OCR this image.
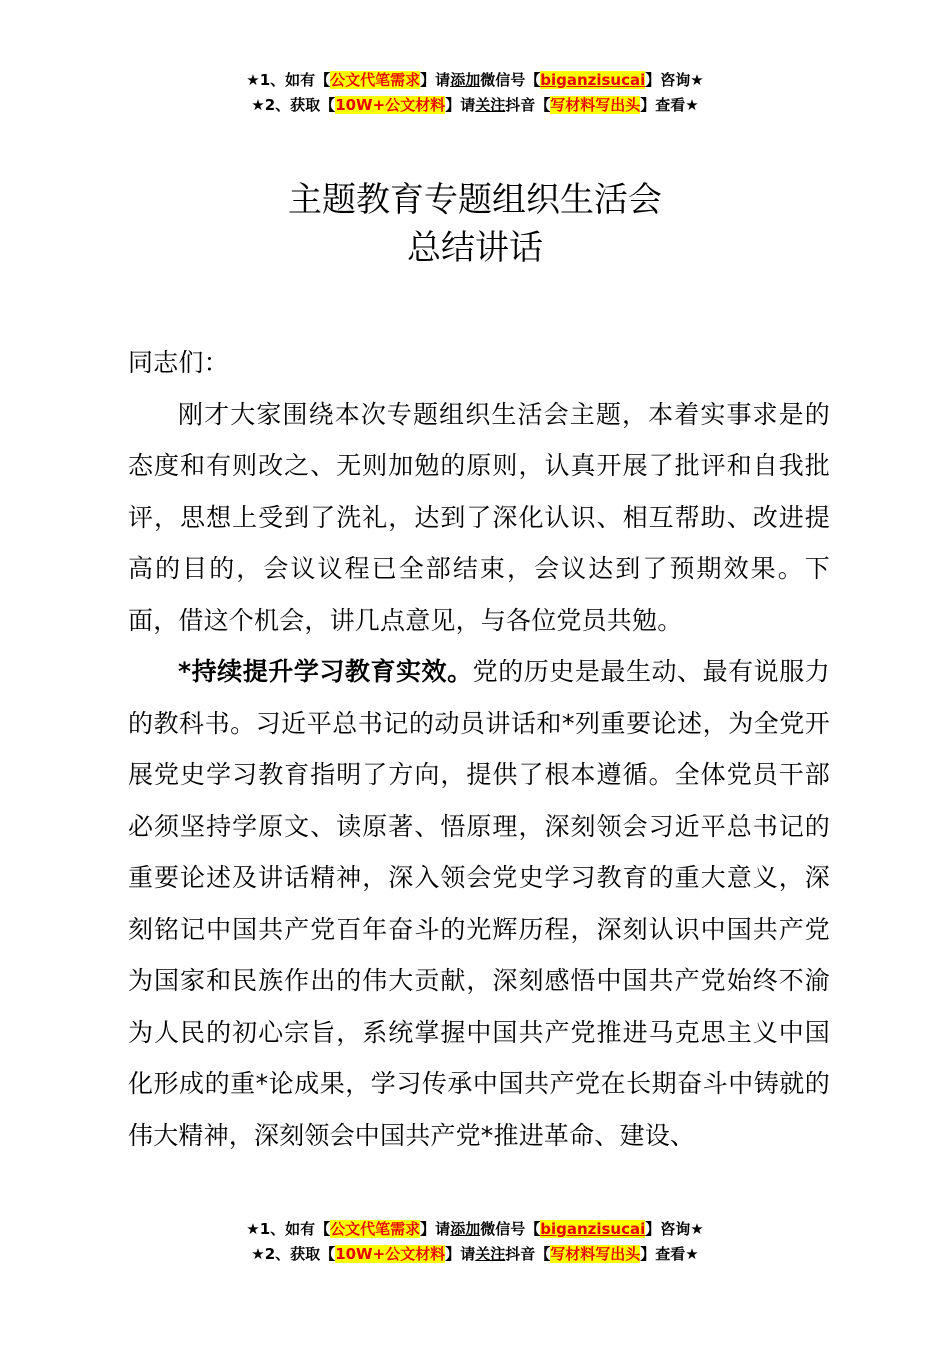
★1、如有【公文代笔需求】请添加微信号【biganzisucai】咨询★
★2、获取【10W+公文材料】请关注抖音【写材料写出头】查看★
主题教育专题组织生活会
总结讲话

同志们：

刚才大家围绕本次专题组织生活会主题，本着实事求是的态度和有则改之、无则加勉的原则，认真开展了批评和自我批评，思想上受到了洗礼，达到了深化认识、相互帮助、改进提高的目的，会议议程已全部结束，会议达到了预期效果。下面，借这个机会，讲几点意见，与各位党员共勉。

*持续提升学习教育实效。党的历史是最生动、最有说服力的教科书。习近平总书记的动员讲话和*列重要论述，为全党开展党史学习教育指明了方向，提供了根本遵循。全体党员干部必须坚持学原文、读原著、悟原理，深刻领会习近平总书记的重要论述及讲话精神，深入领会党史学习教育的重大意义，深刻铭记中国共产党百年奋斗的光辉历程，深刻认识中国共产党为国家和民族作出的伟大贡献，深刻感悟中国共产党始终不渝为人民的初心宗旨，系统掌握中国共产党推进马克思主义中国化形成的重*论成果，学习传承中国共产党在长期奋斗中铸就的伟大精神，深刻领会中国共产党*推进革命、建设、

★1、如有【公文代笔需求】请添加微信号【biganzisucai】咨询★
★2、获取【10W+公文材料】请关注抖音【写材料写出头】查看★
